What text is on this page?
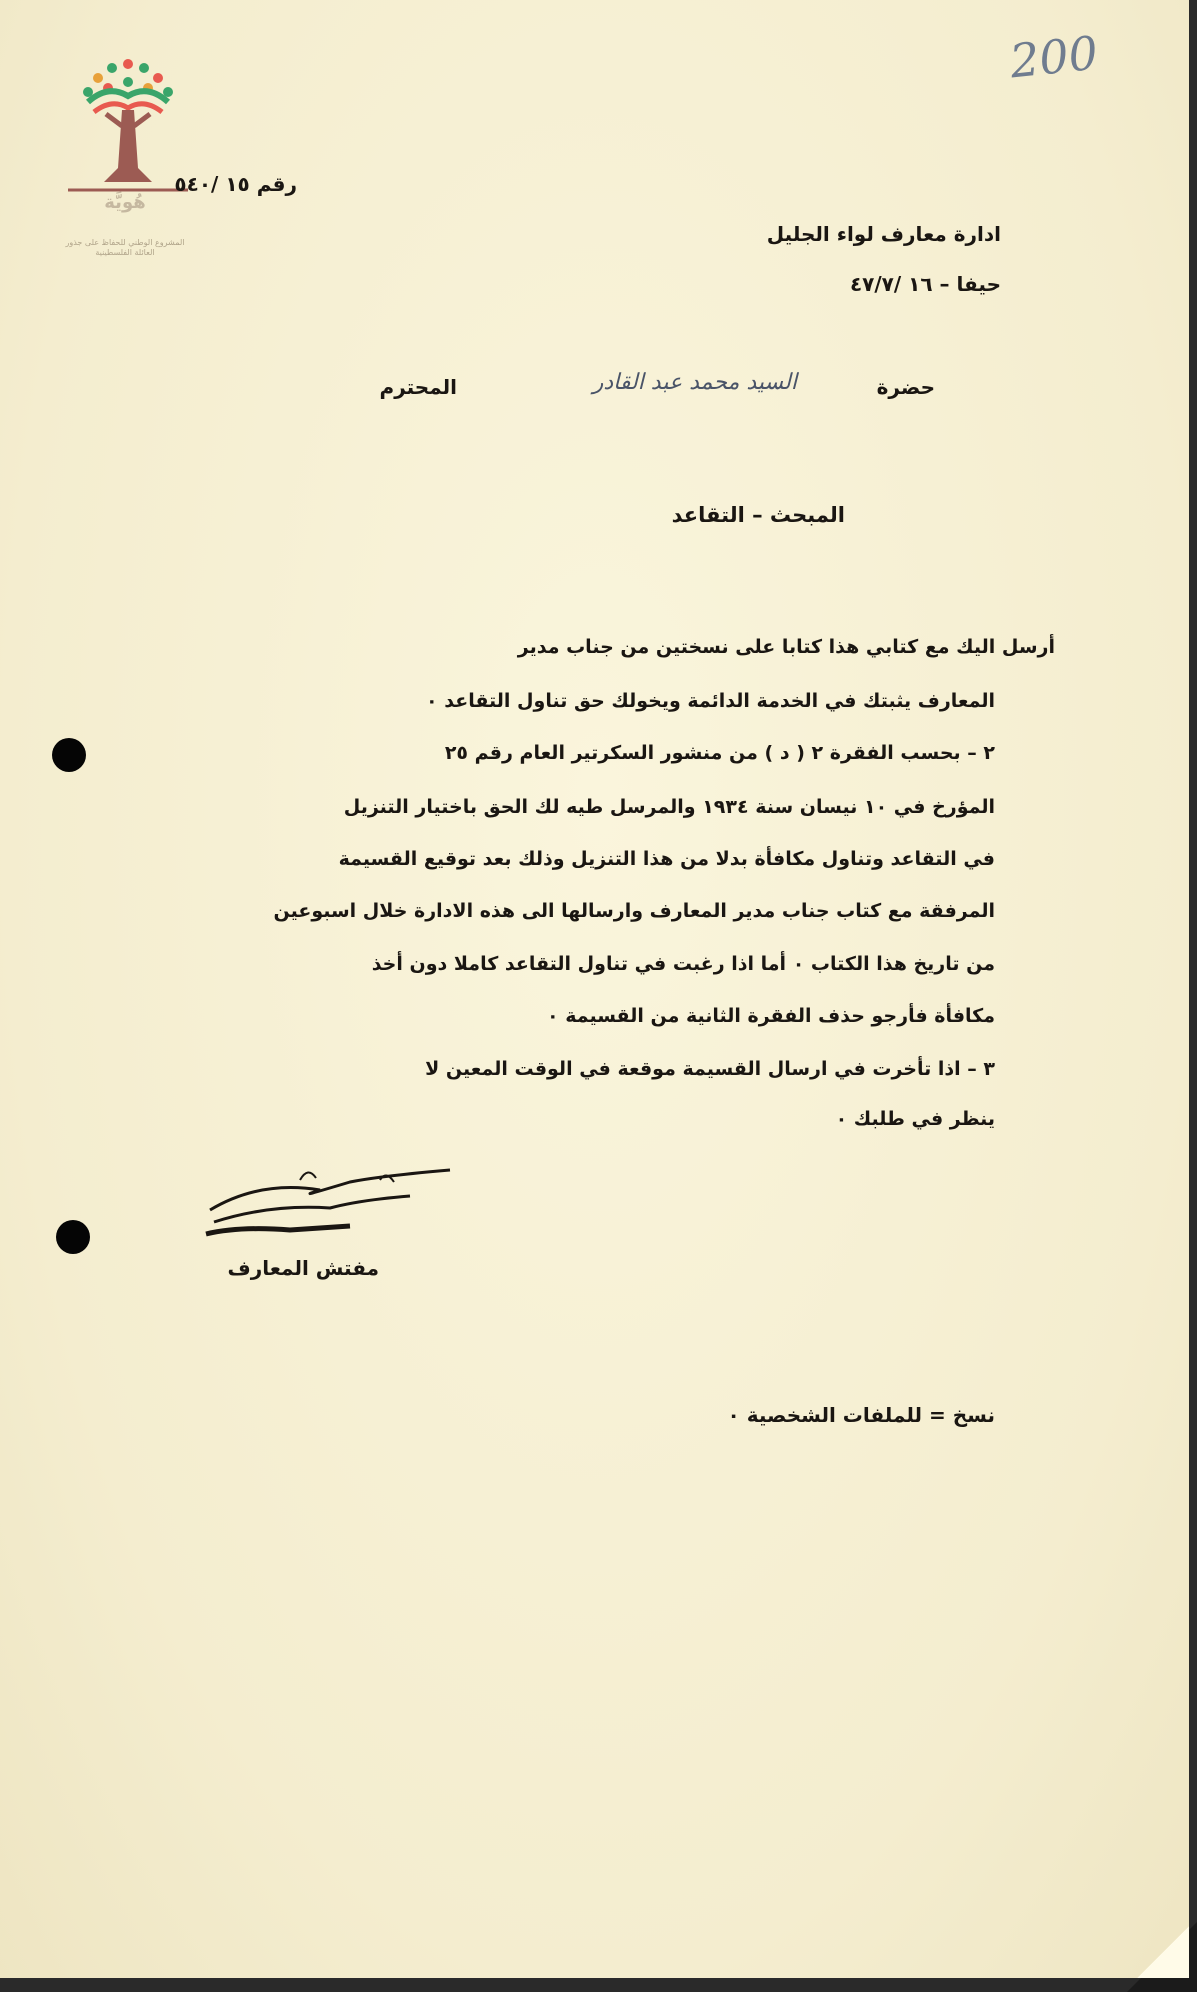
هُويَّة
المشروع الوطني للحفاظ على جذور العائلة الفلسطينية
200
رقم ١٥ /٥٤٠
ادارة معارف لواء الجليل
حيفا – ١٦ /٤٧/٧
حضرة
السيد محمد عبد القادر
المحترم
المبحث – التقاعد
أرسل اليك مع كتابي هذا كتابا على نسختين من جناب مدير
المعارف يثبتك في الخدمة الدائمة ويخولك حق تناول التقاعد ٠
٢ – بحسب الفقرة ٢ ( د ) من منشور السكرتير العام رقم ٢٥
المؤرخ في ١٠ نيسان سنة ١٩٣٤ والمرسل طيه لك الحق باختيار التنزيل
في التقاعد وتناول مكافأة بدلا من هذا التنزيل وذلك بعد توقيع القسيمة
المرفقة مع كتاب جناب مدير المعارف وارسالها الى هذه الادارة خلال اسبوعين
من تاريخ هذا الكتاب ٠ أما اذا رغبت في تناول التقاعد كاملا دون أخذ
مكافأة فأرجو حذف الفقرة الثانية من القسيمة ٠
٣ – اذا تأخرت في ارسال القسيمة موقعة في الوقت المعين لا
ينظر في طلبك ٠
مفتش المعارف
نسخ = للملفات الشخصية ٠
